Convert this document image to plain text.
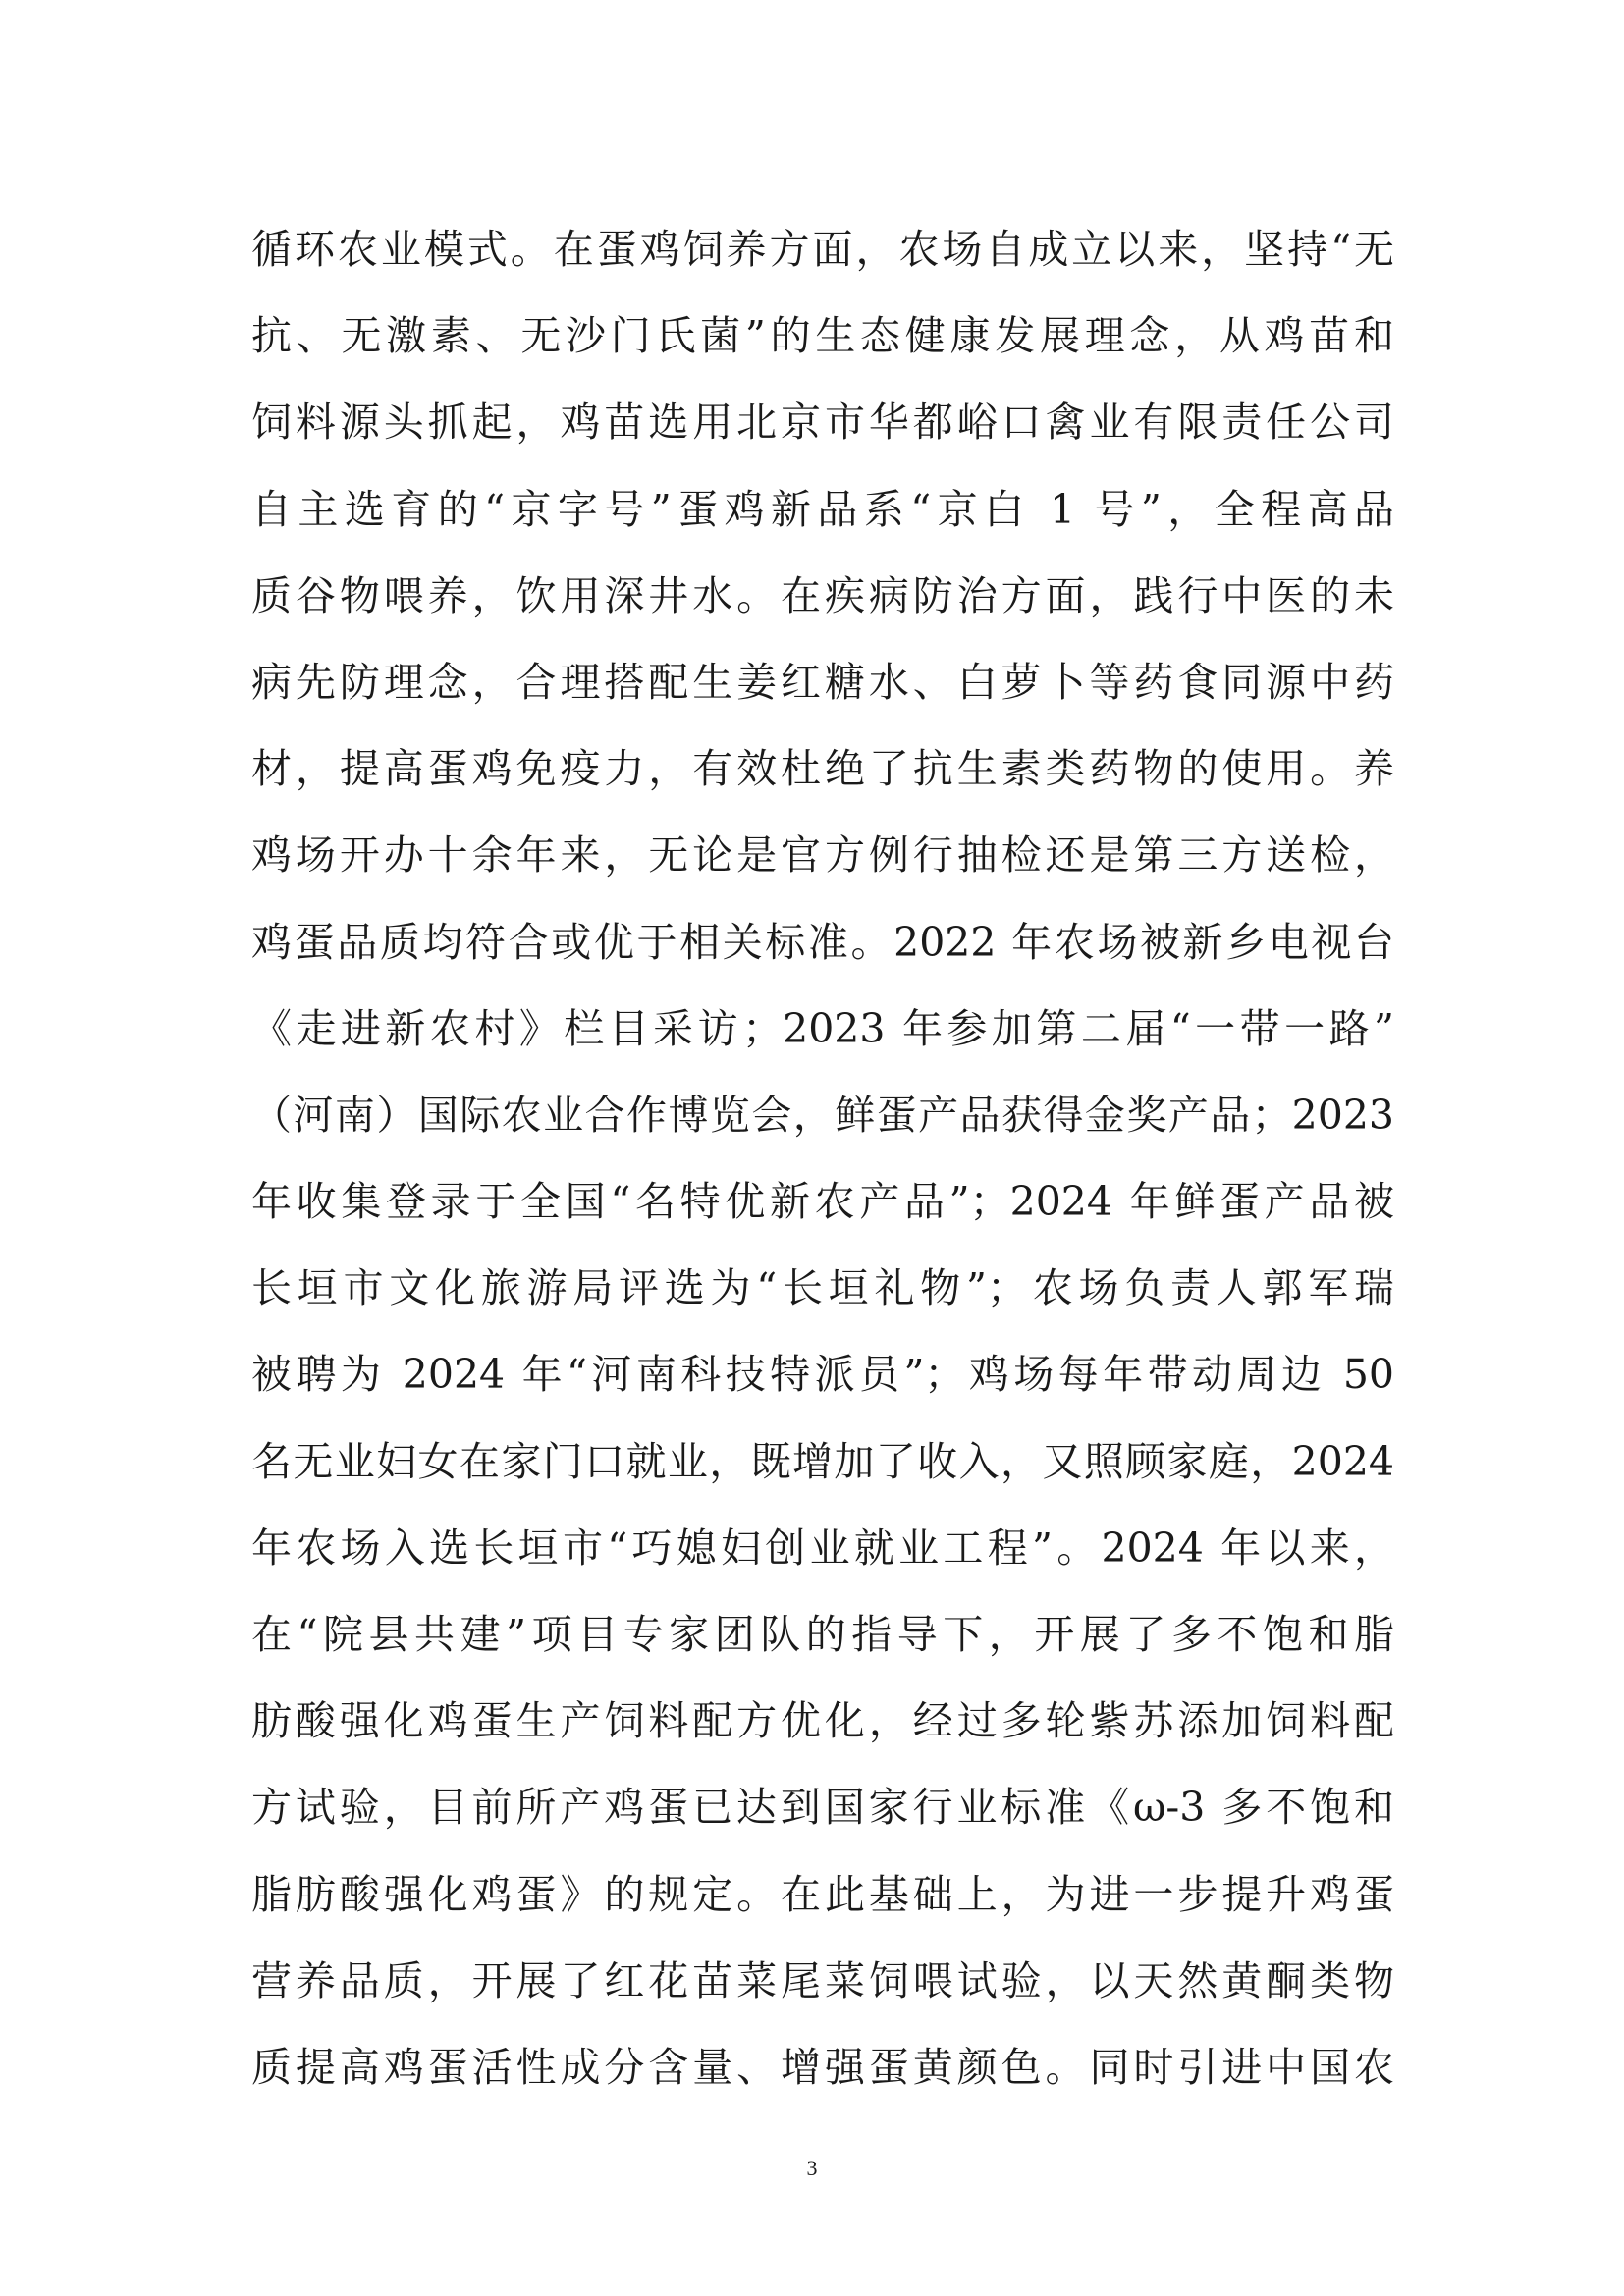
循环农业模式。在蛋鸡饲养方面，农场自成立以来，坚持“无
抗、无激素、无沙门氏菌”的生态健康发展理念，从鸡苗和
饲料源头抓起，鸡苗选用北京市华都峪口禽业有限责任公司
自主选育的“京字号”蛋鸡新品系“京白 1 号”，全程高品
质谷物喂养，饮用深井水。在疾病防治方面，践行中医的未
病先防理念，合理搭配生姜红糖水、白萝卜等药食同源中药
材，提高蛋鸡免疫力，有效杜绝了抗生素类药物的使用。养
鸡场开办十余年来，无论是官方例行抽检还是第三方送检，
鸡蛋品质均符合或优于相关标准。2022 年农场被新乡电视台
《走进新农村》栏目采访；2023 年参加第二届“一带一路”
（河南）国际农业合作博览会，鲜蛋产品获得金奖产品；2023
年收集登录于全国“名特优新农产品”；2024 年鲜蛋产品被
长垣市文化旅游局评选为“长垣礼物”；农场负责人郭军瑞
被聘为 2024 年“河南科技特派员”；鸡场每年带动周边 50
名无业妇女在家门口就业，既增加了收入，又照顾家庭，2024
年农场入选长垣市“巧媳妇创业就业工程”。2024 年以来，
在“院县共建”项目专家团队的指导下，开展了多不饱和脂
肪酸强化鸡蛋生产饲料配方优化，经过多轮紫苏添加饲料配
方试验，目前所产鸡蛋已达到国家行业标准《ω-3 多不饱和
脂肪酸强化鸡蛋》的规定。在此基础上，为进一步提升鸡蛋
营养品质，开展了红花苗菜尾菜饲喂试验，以天然黄酮类物
质提高鸡蛋活性成分含量、增强蛋黄颜色。同时引进中国农
3
